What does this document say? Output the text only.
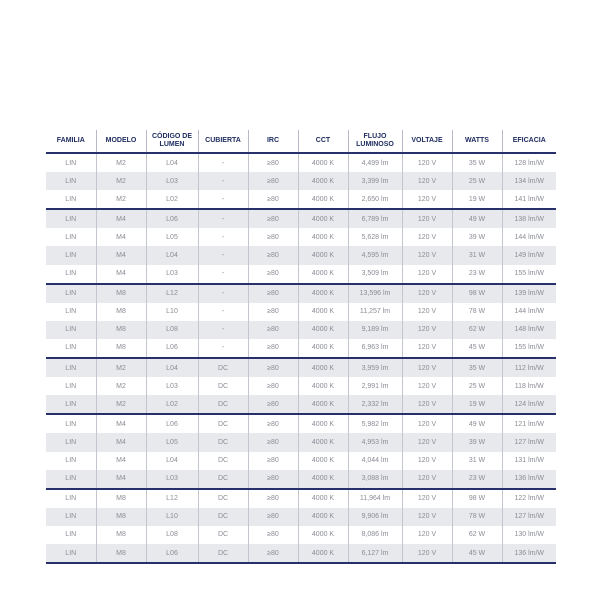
FAMILIA	MODELO	CÓDIGO DE LUMEN	CUBIERTA	IRC	CCT	FLUJO LUMINOSO	VOLTAJE	WATTS	EFICACIA
LIN	M2	L04	-	≥80	4000 K	4,499 lm	120 V	35 W	128 lm/W
LIN	M2	L03	-	≥80	4000 K	3,399 lm	120 V	25 W	134 lm/W
LIN	M2	L02	-	≥80	4000 K	2,650 lm	120 V	19 W	141 lm/W
LIN	M4	L06	-	≥80	4000 K	6,789 lm	120 V	49 W	138 lm/W
LIN	M4	L05	-	≥80	4000 K	5,628 lm	120 V	39 W	144 lm/W
LIN	M4	L04	-	≥80	4000 K	4,595 lm	120 V	31 W	149 lm/W
LIN	M4	L03	-	≥80	4000 K	3,509 lm	120 V	23 W	155 lm/W
LIN	M8	L12	-	≥80	4000 K	13,596 lm	120 V	98 W	139 lm/W
LIN	M8	L10	-	≥80	4000 K	11,257 lm	120 V	78 W	144 lm/W
LIN	M8	L08	-	≥80	4000 K	9,189 lm	120 V	62 W	148 lm/W
LIN	M8	L06	-	≥80	4000 K	6,963 lm	120 V	45 W	155 lm/W
LIN	M2	L04	DC	≥80	4000 K	3,959 lm	120 V	35 W	112 lm/W
LIN	M2	L03	DC	≥80	4000 K	2,991 lm	120 V	25 W	118 lm/W
LIN	M2	L02	DC	≥80	4000 K	2,332 lm	120 V	19 W	124 lm/W
LIN	M4	L06	DC	≥80	4000 K	5,982 lm	120 V	49 W	121 lm/W
LIN	M4	L05	DC	≥80	4000 K	4,953 lm	120 V	39 W	127 lm/W
LIN	M4	L04	DC	≥80	4000 K	4,044 lm	120 V	31 W	131 lm/W
LIN	M4	L03	DC	≥80	4000 K	3,088 lm	120 V	23 W	136 lm/W
LIN	M8	L12	DC	≥80	4000 K	11,964 lm	120 V	98 W	122 lm/W
LIN	M8	L10	DC	≥80	4000 K	9,906 lm	120 V	78 W	127 lm/W
LIN	M8	L08	DC	≥80	4000 K	8,086 lm	120 V	62 W	130 lm/W
LIN	M8	L06	DC	≥80	4000 K	6,127 lm	120 V	45 W	136 lm/W
